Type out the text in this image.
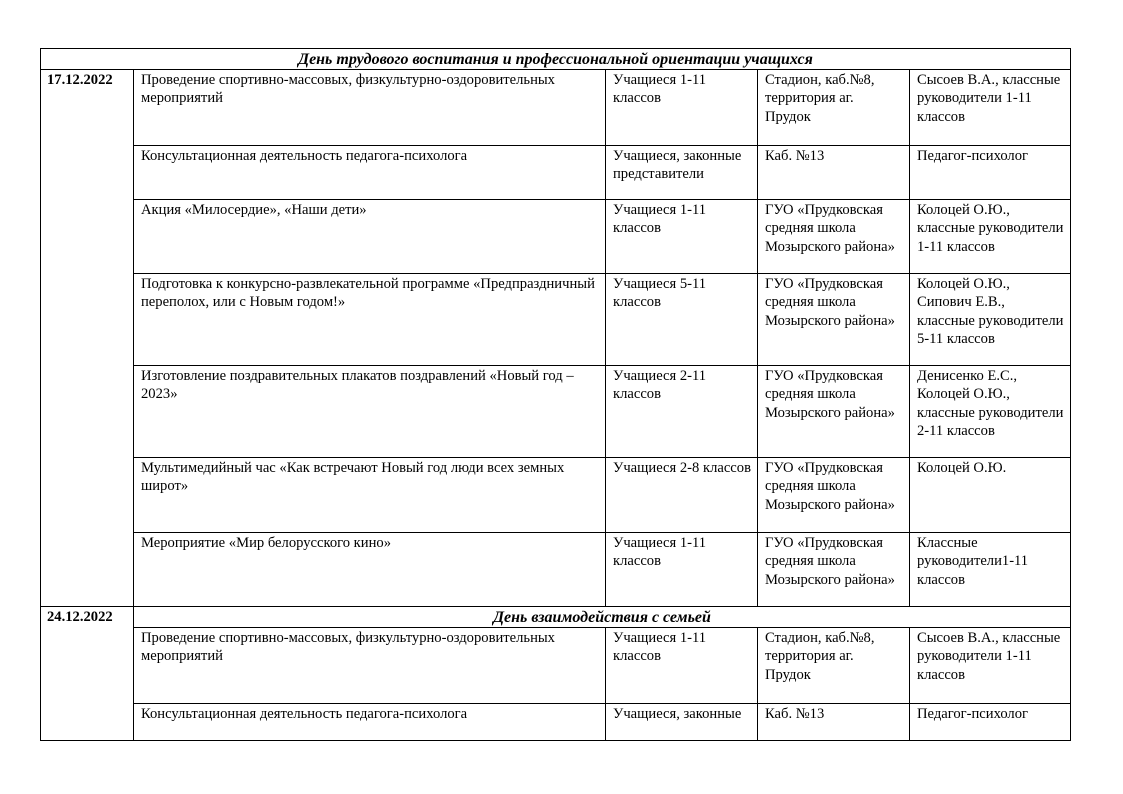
День трудового воспитания и профессиональной ориентации учащихся				
17.12.2022	Проведение спортивно-массовых, физкультурно-оздоровительных мероприятий	Учащиеся 1-11 классов	Стадион, каб.№8, территория аг. Прудок	Сысоев В.А., классные руководители 1-11 классов
	Консультационная деятельность педагога-психолога	Учащиеся, законные представители	Каб. №13	Педагог-психолог
	Акция «Милосердие», «Наши дети»	Учащиеся 1-11 классов	ГУО «Прудковская средняя школа Мозырского района»	Колоцей О.Ю., классные руководители 1-11 классов
	Подготовка к конкурсно-развлекательной программе «Предпраздничный переполох, или с Новым годом!»	Учащиеся 5-11 классов	ГУО «Прудковская средняя школа Мозырского района»	Колоцей О.Ю., Сипович Е.В., классные руководители 5-11 классов
	Изготовление поздравительных плакатов поздравлений «Новый год – 2023»	Учащиеся 2-11 классов	ГУО «Прудковская средняя школа Мозырского района»	Денисенко Е.С., Колоцей О.Ю., классные руководители 2-11 классов
	Мультимедийный час «Как встречают Новый год люди всех земных широт»	Учащиеся 2-8 классов	ГУО «Прудковская средняя школа Мозырского района»	Колоцей О.Ю.
	Мероприятие «Мир белорусского кино»	Учащиеся 1-11 классов	ГУО «Прудковская средняя школа Мозырского района»	Классные руководители1-11 классов
24.12.2022	День взаимодействия с семьей			
	Проведение спортивно-массовых, физкультурно-оздоровительных мероприятий	Учащиеся 1-11 классов	Стадион, каб.№8, территория аг. Прудок	Сысоев В.А., классные руководители 1-11 классов
	Консультационная деятельность педагога-психолога	Учащиеся, законные	Каб. №13	Педагог-психолог
